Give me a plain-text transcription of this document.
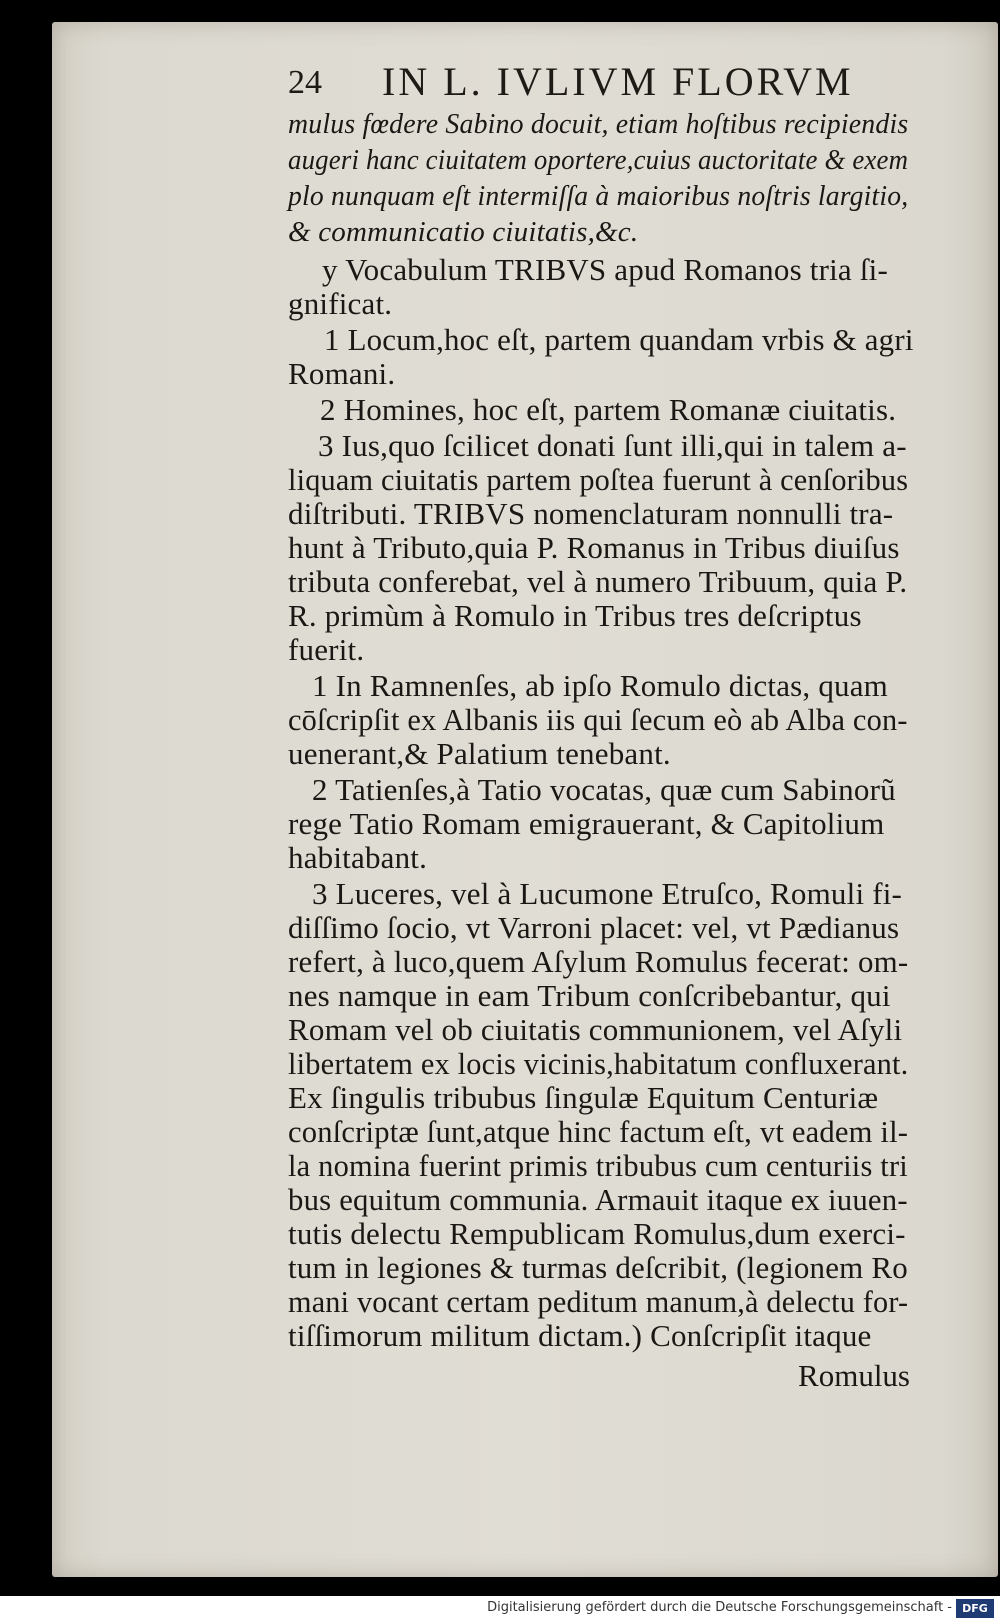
24 IN L. IVLIVM FLORVM
mulus fœdere Sabino docuit, etiam hoſtibus recipiendis
augeri hanc ciuitatem oportere,cuius auctoritate & exem
plo nunquam eſt intermiſſa à maioribus noſtris largitio,
& communicatio ciuitatis,&c.
y Vocabulum TRIBVS apud Romanos tria ſi-
gnificat.
1 Locum,hoc eſt, partem quandam vrbis & agri
Romani.
2 Homines, hoc eſt, partem Romanæ ciuitatis.
3 Ius,quo ſcilicet donati ſunt illi,qui in talem a-
liquam ciuitatis partem poſtea fuerunt à cenſoribus
diſtributi. TRIBVS nomenclaturam nonnulli tra-
hunt à Tributo,quia P. Romanus in Tribus diuiſus
tributa conferebat, vel à numero Tribuum, quia P.
R. primùm à Romulo in Tribus tres deſcriptus
fuerit.
1 In Ramnenſes, ab ipſo Romulo dictas, quam
cōſcripſit ex Albanis iis qui ſecum eò ab Alba con-
uenerant,& Palatium tenebant.
2 Tatienſes,à Tatio vocatas, quæ cum Sabinorũ
rege Tatio Romam emigrauerant, & Capitolium
habitabant.
3 Luceres, vel à Lucumone Etruſco, Romuli fi-
diſſimo ſocio, vt Varroni placet: vel, vt Pædianus
refert, à luco,quem Aſylum Romulus fecerat: om-
nes namque in eam Tribum conſcribebantur, qui
Romam vel ob ciuitatis communionem, vel Aſyli
libertatem ex locis vicinis,habitatum confluxerant.
Ex ſingulis tribubus ſingulæ Equitum Centuriæ
conſcriptæ ſunt,atque hinc factum eſt, vt eadem il-
la nomina fuerint primis tribubus cum centuriis tri
bus equitum communia. Armauit itaque ex iuuen-
tutis delectu Rempublicam Romulus,dum exerci-
tum in legiones & turmas deſcribit, (legionem Ro
mani vocant certam peditum manum,à delectu for-
tiſſimorum militum dictam.) Conſcripſit itaque
Romulus
Digitalisierung gefördert durch die Deutsche Forschungsgemeinschaft - DFG
